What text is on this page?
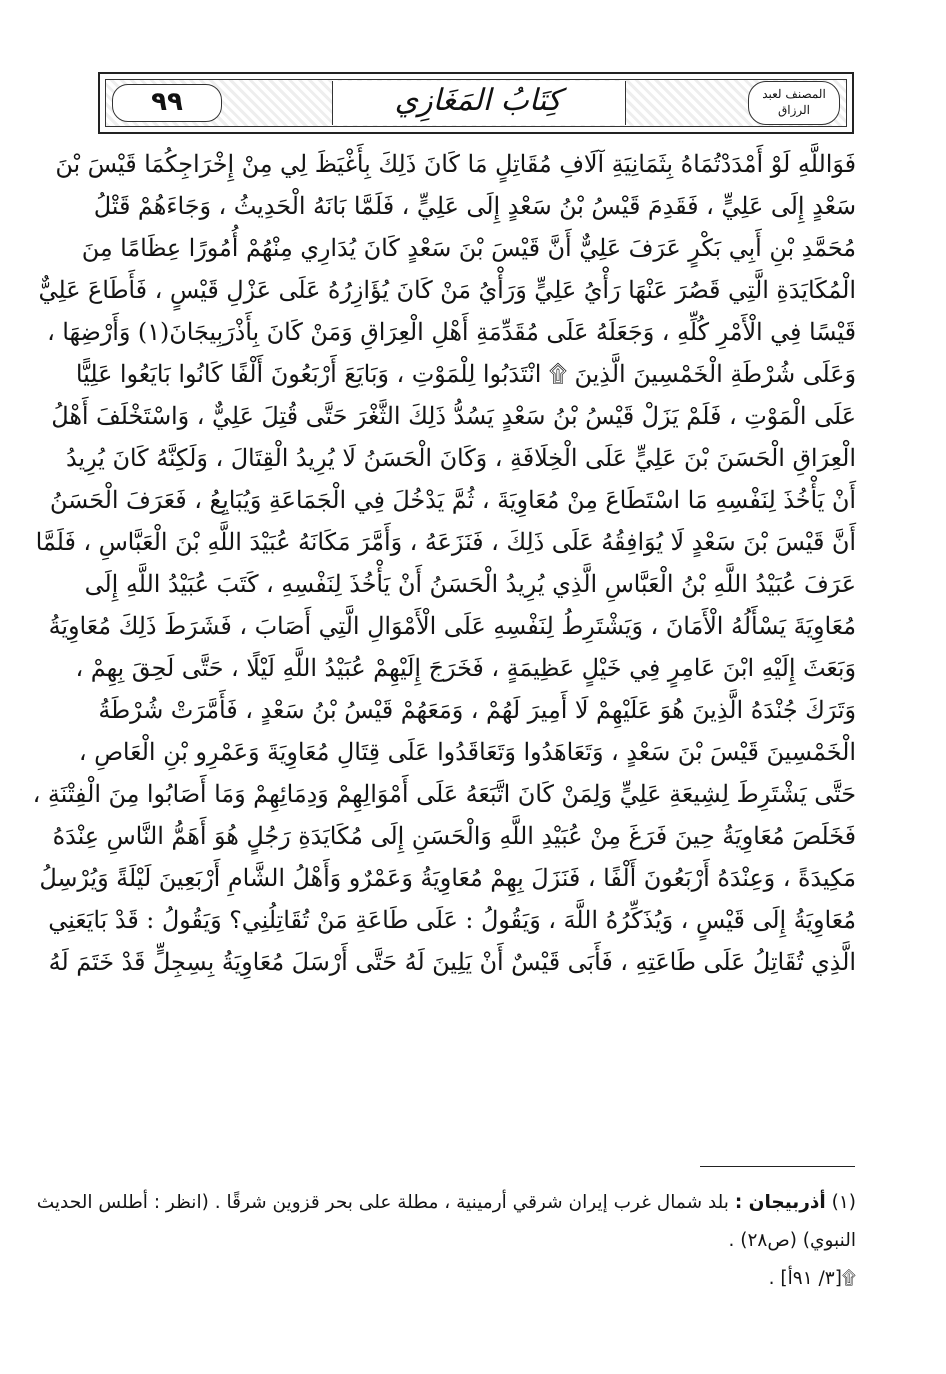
كِتَابُ المَغَازِي
٩٩	المصنف لعبد الرزاق
فَوَاللَّهِ لَوْ أَمْدَدْتُمَاهُ بِثَمَانِيَةِ آلَافِ مُقَاتِلٍ مَا كَانَ ذَلِكَ بِأَغْيَظَ لِي مِنْ إِخْرَاجِكُمَا قَيْسَ بْنَ
سَعْدٍ إِلَى عَلِيٍّ ، فَقَدِمَ قَيْسُ بْنُ سَعْدٍ إِلَى عَلِيٍّ ، فَلَمَّا بَانَهُ الْحَدِيثُ ، وَجَاءَهُمْ قَتْلُ
مُحَمَّدِ بْنِ أَبِي بَكْرٍ عَرَفَ عَلِيٌّ أَنَّ قَيْسَ بْنَ سَعْدٍ كَانَ يُدَارِي مِنْهُمْ أُمُورًا عِظَامًا مِنَ
الْمُكَايَدَةِ الَّتِي قَصُرَ عَنْهَا رَأْيُ عَلِيٍّ وَرَأْيُ مَنْ كَانَ يُؤَازِرُهُ عَلَى عَزْلِ قَيْسٍ ، فَأَطَاعَ عَلِيٌّ
قَيْسًا فِي الْأَمْرِ كُلِّهِ ، وَجَعَلَهُ عَلَى مُقَدِّمَةِ أَهْلِ الْعِرَاقِ وَمَنْ كَانَ بِأَذْرَبِيجَانَ(١) وَأَرْضِهَا ،
وَعَلَى شُرْطَةِ الْخَمْسِينَ الَّذِينَ ۩ انْتَدَبُوا لِلْمَوْتِ ، وَبَايَعَ أَرْبَعُونَ أَلْفًا كَانُوا بَايَعُوا عَلِيًّا
عَلَى الْمَوْتِ ، فَلَمْ يَزَلْ قَيْسُ بْنُ سَعْدٍ يَسُدُّ ذَلِكَ الثَّغْرَ حَتَّى قُتِلَ عَلِيٌّ ، وَاسْتَخْلَفَ أَهْلُ
الْعِرَاقِ الْحَسَنَ بْنَ عَلِيٍّ عَلَى الْخِلَافَةِ ، وَكَانَ الْحَسَنُ لَا يُرِيدُ الْقِتَالَ ، وَلَكِنَّهُ كَانَ يُرِيدُ
أَنْ يَأْخُذَ لِنَفْسِهِ مَا اسْتَطَاعَ مِنْ مُعَاوِيَةَ ، ثُمَّ يَدْخُلَ فِي الْجَمَاعَةِ وَيُبَايِعُ ، فَعَرَفَ الْحَسَنُ
أَنَّ قَيْسَ بْنَ سَعْدٍ لَا يُوَافِقُهُ عَلَى ذَلِكَ ، فَنَزَعَهُ ، وَأَمَّرَ مَكَانَهُ عُبَيْدَ اللَّهِ بْنَ الْعَبَّاسِ ، فَلَمَّا
عَرَفَ عُبَيْدُ اللَّهِ بْنُ الْعَبَّاسِ الَّذِي يُرِيدُ الْحَسَنُ أَنْ يَأْخُذَ لِنَفْسِهِ ، كَتَبَ عُبَيْدُ اللَّهِ إِلَى
مُعَاوِيَةَ يَسْأَلُهُ الْأَمَانَ ، وَيَشْتَرِطُ لِنَفْسِهِ عَلَى الْأَمْوَالِ الَّتِي أَصَابَ ، فَشَرَطَ ذَلِكَ مُعَاوِيَةُ
وَبَعَثَ إِلَيْهِ ابْنَ عَامِرٍ فِي خَيْلٍ عَظِيمَةٍ ، فَخَرَجَ إِلَيْهِمْ عُبَيْدُ اللَّهِ لَيْلًا ، حَتَّى لَحِقَ بِهِمْ ،
وَتَرَكَ جُنْدَهُ الَّذِينَ هُوَ عَلَيْهِمْ لَا أَمِيرَ لَهُمْ ، وَمَعَهُمْ قَيْسُ بْنُ سَعْدٍ ، فَأَمَّرَتْ شُرْطَةُ
الْخَمْسِينَ قَيْسَ بْنَ سَعْدٍ ، وَتَعَاهَدُوا وَتَعَاقَدُوا عَلَى قِتَالِ مُعَاوِيَةَ وَعَمْرِو بْنِ الْعَاصِ ،
حَتَّى يَشْتَرِطَ لِشِيعَةِ عَلِيٍّ وَلِمَنْ كَانَ اتَّبَعَهُ عَلَى أَمْوَالِهِمْ وَدِمَائِهِمْ وَمَا أَصَابُوا مِنَ الْفِتْنَةِ ،
فَخَلَصَ مُعَاوِيَةُ حِينَ فَرَغَ مِنْ عُبَيْدِ اللَّهِ وَالْحَسَنِ إِلَى مُكَايَدَةِ رَجُلٍ هُوَ أَهَمُّ النَّاسِ عِنْدَهُ
مَكِيدَةً ، وَعِنْدَهُ أَرْبَعُونَ أَلْفًا ، فَنَزَلَ بِهِمْ مُعَاوِيَةُ وَعَمْرٌو وَأَهْلُ الشَّامِ أَرْبَعِينَ لَيْلَةً وَيُرْسِلُ
مُعَاوِيَةُ إِلَى قَيْسٍ ، وَيُذَكِّرُهُ اللَّهَ ، وَيَقُولُ : عَلَى طَاعَةِ مَنْ تُقَاتِلُنِي؟ وَيَقُولُ : قَدْ بَايَعَنِي
الَّذِي تُقَاتِلُ عَلَى طَاعَتِهِ ، فَأَبَى قَيْسٌ أَنْ يَلِينَ لَهُ حَتَّى أَرْسَلَ مُعَاوِيَةُ بِسِجِلٍّ قَدْ خَتَمَ لَهُ
(١) أذربيجان : بلد شمال غرب إيران شرقي أرمينية ، مطلة على بحر قزوين شرقًا . (انظر : أطلس الحديث
النبوي) (ص٢٨) .
۩[٣/ ٩١أ] .
